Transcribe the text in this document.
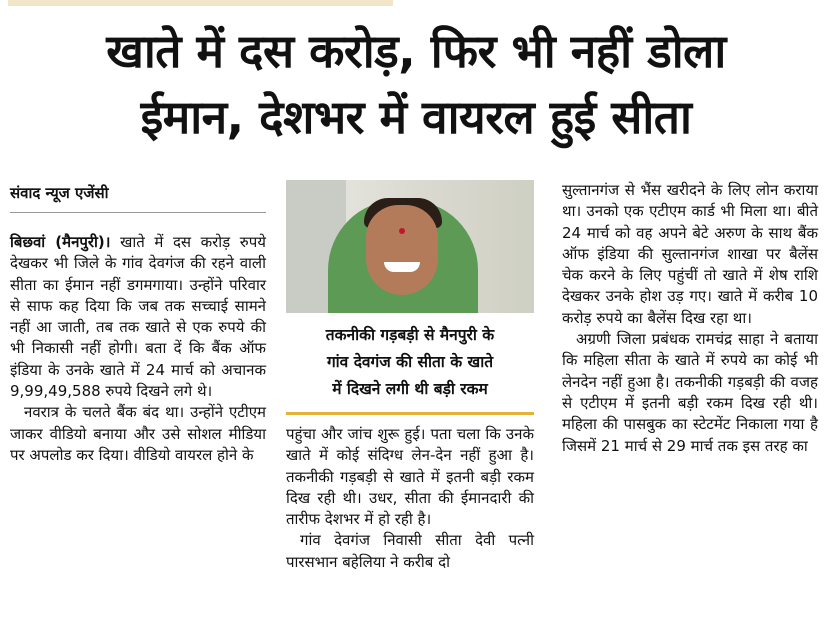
खाते में दस करोड़, फिर भी नहीं डोला
ईमान, देशभर में वायरल हुई सीता
संवाद न्यूज एजेंसी

बिछवां (मैनपुरी)। खाते में दस करोड़ रुपये देखकर भी जिले के गांव देवगंज की रहने वाली सीता का ईमान नहीं डगमगाया। उन्होंने परिवार से साफ कह दिया कि जब तक सच्चाई सामने नहीं आ जाती, तब तक खाते से एक रुपये की भी निकासी नहीं होगी। बता दें कि बैंक ऑफ इंडिया के उनके खाते में 24 मार्च को अचानक 9,99,49,588 रुपये दिखने लगे थे।

नवरात्र के चलते बैंक बंद था। उन्होंने एटीएम जाकर वीडियो बनाया और उसे सोशल मीडिया पर अपलोड कर दिया। वीडियो वायरल होने के

तकनीकी गड़बड़ी से मैनपुरी के
गांव देवगंज की सीता के खाते
में दिखने लगी थी बड़ी रकम

पहुंचा और जांच शुरू हुई। पता चला कि उनके खाते में कोई संदिग्ध लेन-देन नहीं हुआ है। तकनीकी गड़बड़ी से खाते में इतनी बड़ी रकम दिख रही थी। उधर, सीता की ईमानदारी की तारीफ देशभर में हो रही है।

गांव देवगंज निवासी सीता देवी पत्नी पारसभान बहेलिया ने करीब दो

सुल्तानगंज से भैंस खरीदने के लिए लोन कराया था। उनको एक एटीएम कार्ड भी मिला था। बीते 24 मार्च को वह अपने बेटे अरुण के साथ बैंक ऑफ इंडिया की सुल्तानगंज शाखा पर बैलेंस चेक करने के लिए पहुंचीं तो खाते में शेष राशि देखकर उनके होश उड़ गए। खाते में करीब 10 करोड़ रुपये का बैलेंस दिख रहा था।

अग्रणी जिला प्रबंधक रामचंद्र साहा ने बताया कि महिला सीता के खाते में रुपये का कोई भी लेनदेन नहीं हुआ है। तकनीकी गड़बड़ी की वजह से एटीएम में इतनी बड़ी रकम दिख रही थी। महिला की पासबुक का स्टेटमेंट निकाला गया है जिसमें 21 मार्च से 29 मार्च तक इस तरह का
